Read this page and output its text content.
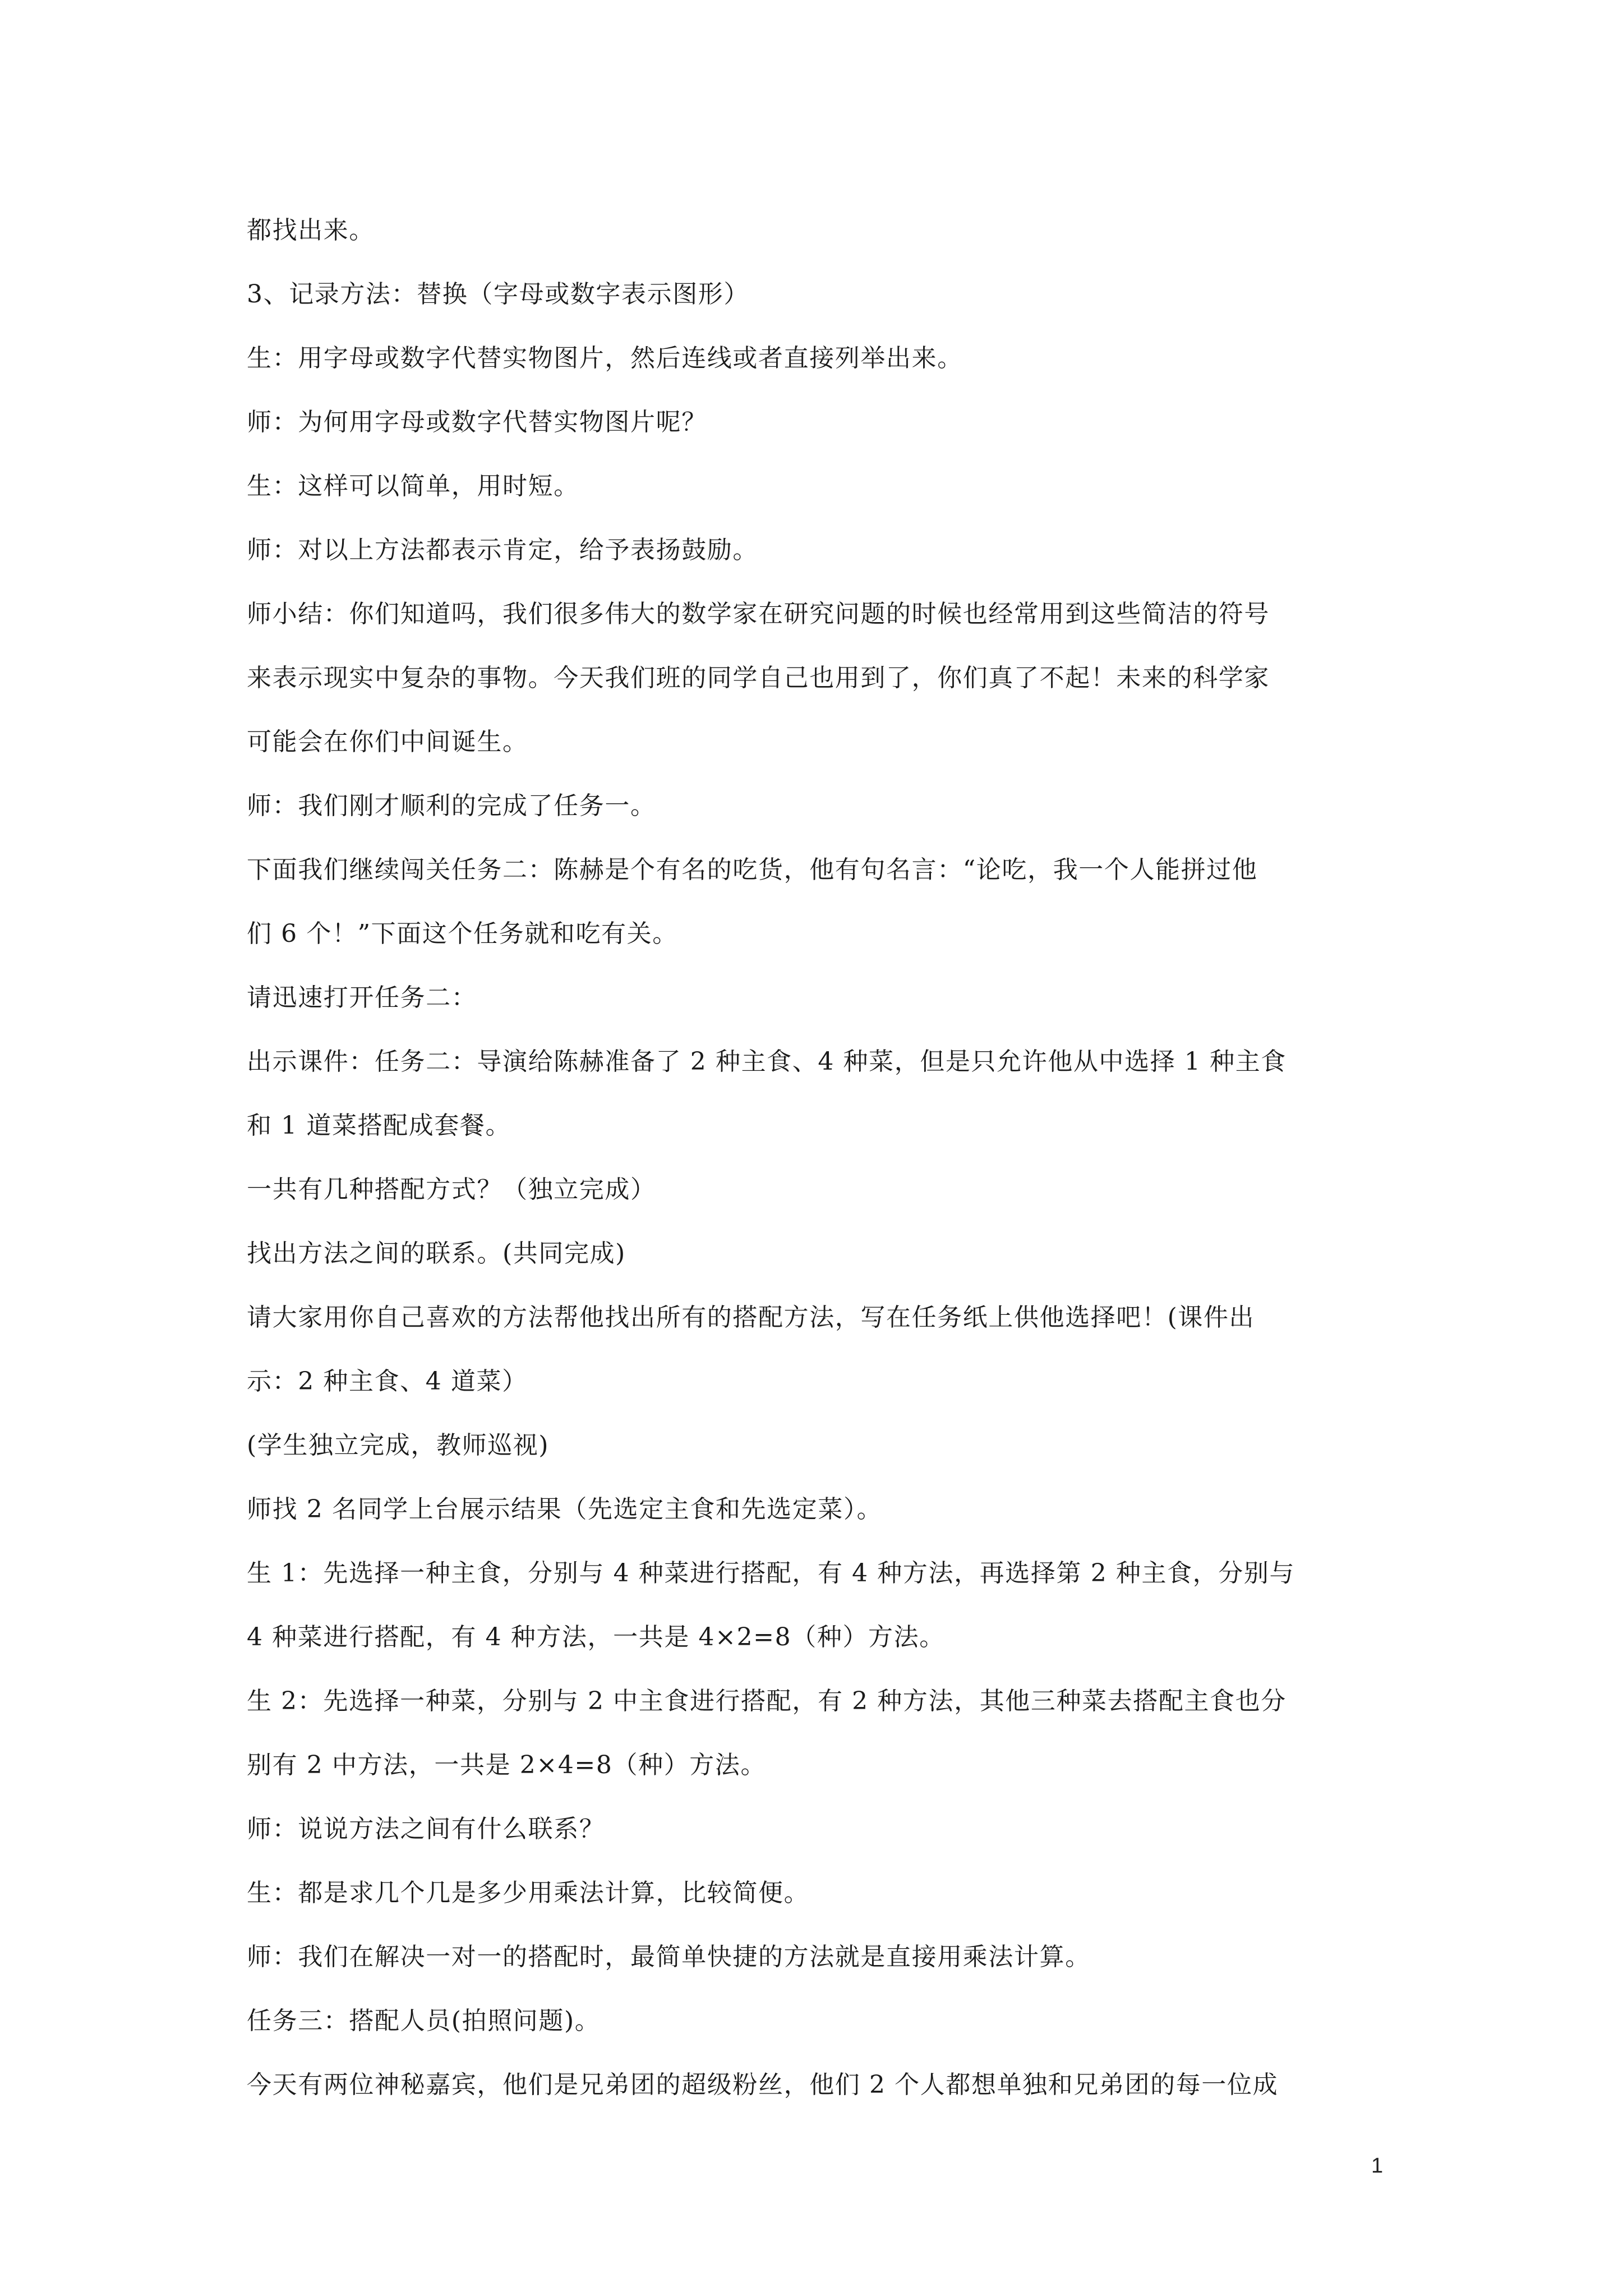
都找出来。
3、记录方法：替换（字母或数字表示图形）
生：用字母或数字代替实物图片，然后连线或者直接列举出来。
师：为何用字母或数字代替实物图片呢？
生：这样可以简单，用时短。
师：对以上方法都表示肯定，给予表扬鼓励。
师小结：你们知道吗，我们很多伟大的数学家在研究问题的时候也经常用到这些简洁的符号
来表示现实中复杂的事物。今天我们班的同学自己也用到了，你们真了不起！未来的科学家
可能会在你们中间诞生。
师：我们刚才顺利的完成了任务一。
下面我们继续闯关任务二：陈赫是个有名的吃货，他有句名言：“论吃，我一个人能拼过他
们 6 个！”下面这个任务就和吃有关。
请迅速打开任务二：
出示课件：任务二：导演给陈赫准备了 2 种主食、4 种菜，但是只允许他从中选择 1 种主食
和 1 道菜搭配成套餐。
一共有几种搭配方式？（独立完成）
找出方法之间的联系。(共同完成)
请大家用你自己喜欢的方法帮他找出所有的搭配方法，写在任务纸上供他选择吧！(课件出
示：2 种主食、4 道菜）
(学生独立完成，教师巡视)
师找 2 名同学上台展示结果（先选定主食和先选定菜）。
生 1：先选择一种主食，分别与 4 种菜进行搭配，有 4 种方法，再选择第 2 种主食，分别与
4 种菜进行搭配，有 4 种方法，一共是 4×2=8（种）方法。
生 2：先选择一种菜，分别与 2 中主食进行搭配，有 2 种方法，其他三种菜去搭配主食也分
别有 2 中方法，一共是 2×4=8（种）方法。
师：说说方法之间有什么联系？
生：都是求几个几是多少用乘法计算，比较简便。
师：我们在解决一对一的搭配时，最简单快捷的方法就是直接用乘法计算。
任务三：搭配人员(拍照问题)。
今天有两位神秘嘉宾，他们是兄弟团的超级粉丝，他们 2 个人都想单独和兄弟团的每一位成
1
